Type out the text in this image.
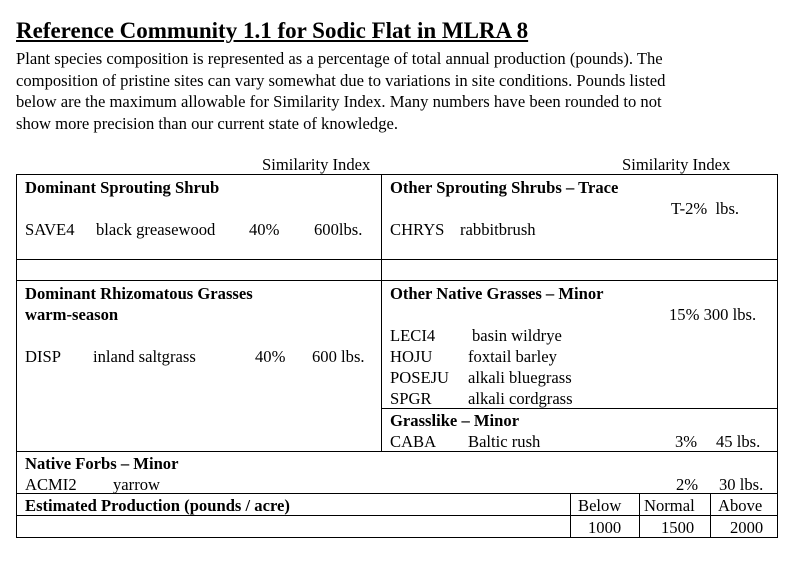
Reference Community 1.1 for Sodic Flat in MLRA 8
Plant species composition is represented as a percentage of total annual production (pounds). The
composition of pristine sites can vary somewhat due to variations in site conditions. Pounds listed
below are the maximum allowable for Similarity Index. Many numbers have been rounded to not
show more precision than our current state of knowledge.
Similarity Index	Similarity Index
Dominant Sprouting Shrub
SAVE4 black greasewood 40% 600lbs.
Other Sprouting Shrubs – Trace
T-2%  lbs.
CHRYS rabbitbrush
Dominant Rhizomatous Grasses
warm-season
DISP inland saltgrass	40% 600 lbs.
Other Native Grasses – Minor
15% 300 lbs.
LECI4 basin wildrye
HOJU foxtail barley
POSEJU alkali bluegrass
SPGR alkali cordgrass
Grasslike – Minor
CABA Baltic rush	3% 45 lbs.
Native Forbs – Minor
ACMI2 yarrow	2% 30 lbs.
Estimated Production (pounds / acre)	Below Normal Above
1000 1500 2000
